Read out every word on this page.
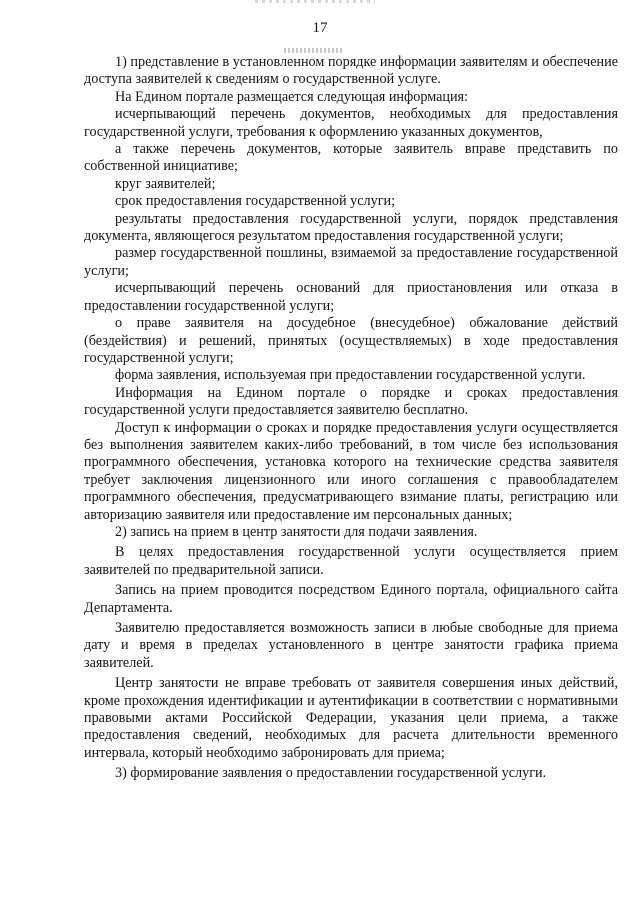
17

1) представление в установленном порядке информации заявителям и обеспечение доступа заявителей к сведениям о государственной услуге.

На Едином портале размещается следующая информация:

исчерпывающий перечень документов, необходимых для предоставления государственной услуги, требования к оформлению указанных документов,

а также перечень документов, которые заявитель вправе представить по собственной инициативе;

круг заявителей;

срок предоставления государственной услуги;

результаты предоставления государственной услуги, порядок представления документа, являющегося результатом предоставления государственной услуги;

размер государственной пошлины, взимаемой за предоставление государственной услуги;

исчерпывающий перечень оснований для приостановления или отказа в предоставлении государственной услуги;

о праве заявителя на досудебное (внесудебное) обжалование действий (бездействия) и решений, принятых (осуществляемых) в ходе предоставления государственной услуги;

форма заявления, используемая при предоставлении государственной услуги.

Информация на Едином портале о порядке и сроках предоставления государственной услуги предоставляется заявителю бесплатно.

Доступ к информации о сроках и порядке предоставления услуги осуществляется без выполнения заявителем каких-либо требований, в том числе без использования программного обеспечения, установка которого на технические средства заявителя требует заключения лицензионного или иного соглашения с правообладателем программного обеспечения, предусматривающего взимание платы, регистрацию или авторизацию заявителя или предоставление им персональных данных;

2) запись на прием в центр занятости для подачи заявления.

В целях предоставления государственной услуги осуществляется прием заявителей по предварительной записи.

Запись на прием проводится посредством Единого портала, официального сайта Департамента.

Заявителю предоставляется возможность записи в любые свободные для приема дату и время в пределах установленного в центре занятости графика приема заявителей.

Центр занятости не вправе требовать от заявителя совершения иных действий, кроме прохождения идентификации и аутентификации в соответствии с нормативными правовыми актами Российской Федерации, указания цели приема, а также предоставления сведений, необходимых для расчета длительности временного интервала, который необходимо забронировать для приема;

3) формирование заявления о предоставлении государственной услуги.
